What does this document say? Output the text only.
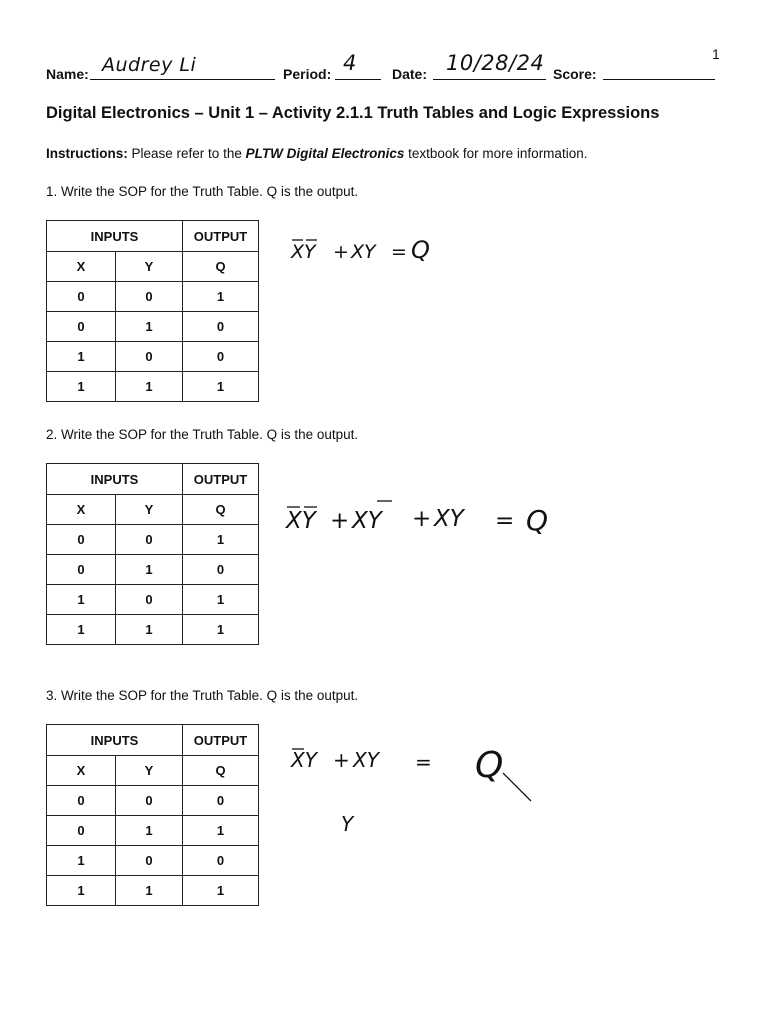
1
Name: Audrey Li	Period: 4	Date: 10/28/24 Score:
Digital Electronics – Unit 1 – Activity 2.1.1 Truth Tables and Logic Expressions
Instructions: Please refer to the PLTW Digital Electronics textbook for more information.
1. Write the SOP for the Truth Table. Q is the output.
INPUTS		OUTPUT
X	Y	Q
0	0	1
0	1	0
1	0	0
1	1	1
XY + XY = Q
2. Write the SOP for the Truth Table. Q is the output.
INPUTS		OUTPUT
X	Y	Q
0	0	1
0	1	0
1	0	1
1	1	1
XY + XY + XY = Q
3. Write the SOP for the Truth Table. Q is the output.
INPUTS		OUTPUT
X	Y	Q
0	0	0
0	1	1
1	0	0
1	1	1
XY + XY = Q
Y
